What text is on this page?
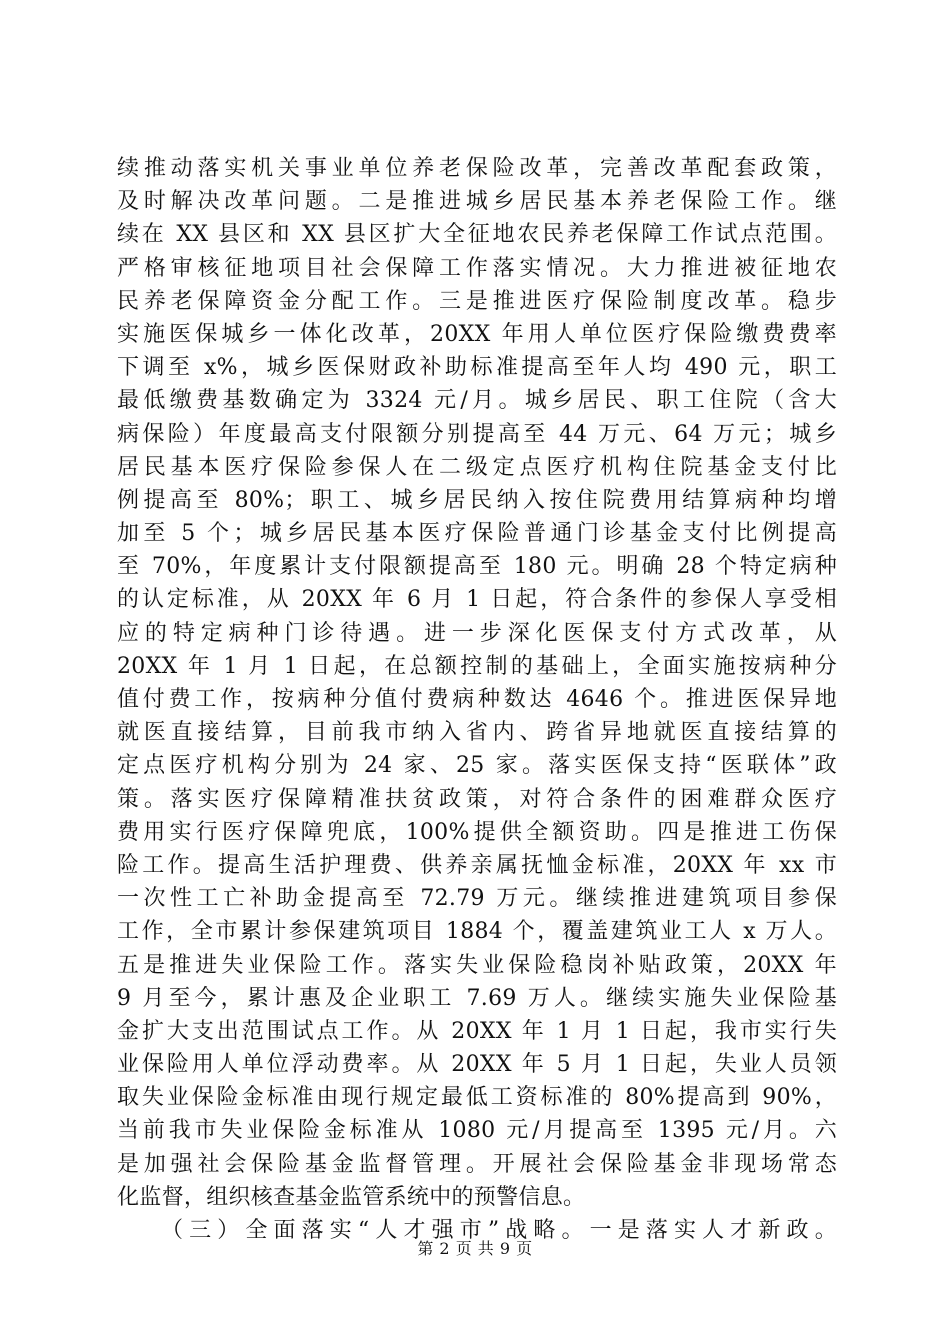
续推动落实机关事业单位养老保险改革，完善改革配套政策，
及时解决改革问题。二是推进城乡居民基本养老保险工作。继
续在 XX 县区和 XX 县区扩大全征地农民养老保障工作试点范围。
严格审核征地项目社会保障工作落实情况。大力推进被征地农
民养老保障资金分配工作。三是推进医疗保险制度改革。稳步
实施医保城乡一体化改革，20XX 年用人单位医疗保险缴费费率
下调至 x%，城乡医保财政补助标准提高至年人均 490 元，职工
最低缴费基数确定为 3324 元/月。城乡居民、职工住院（含大
病保险）年度最高支付限额分别提高至 44 万元、64 万元；城乡
居民基本医疗保险参保人在二级定点医疗机构住院基金支付比
例提高至 80%；职工、城乡居民纳入按住院费用结算病种均增
加至 5 个；城乡居民基本医疗保险普通门诊基金支付比例提高
至 70%，年度累计支付限额提高至 180 元。明确 28 个特定病种
的认定标准，从 20XX 年 6 月 1 日起，符合条件的参保人享受相
应的特定病种门诊待遇。进一步深化医保支付方式改革，从
20XX 年 1 月 1 日起，在总额控制的基础上，全面实施按病种分
值付费工作，按病种分值付费病种数达 4646 个。推进医保异地
就医直接结算，目前我市纳入省内、跨省异地就医直接结算的
定点医疗机构分别为 24 家、25 家。落实医保支持“医联体”政
策。落实医疗保障精准扶贫政策，对符合条件的困难群众医疗
费用实行医疗保障兜底，100%提供全额资助。四是推进工伤保
险工作。提高生活护理费、供养亲属抚恤金标准，20XX 年 xx 市
一次性工亡补助金提高至 72.79 万元。继续推进建筑项目参保
工作，全市累计参保建筑项目 1884 个，覆盖建筑业工人 x 万人。
五是推进失业保险工作。落实失业保险稳岗补贴政策，20XX 年
9 月至今，累计惠及企业职工 7.69 万人。继续实施失业保险基
金扩大支出范围试点工作。从 20XX 年 1 月 1 日起，我市实行失
业保险用人单位浮动费率。从 20XX 年 5 月 1 日起，失业人员领
取失业保险金标准由现行规定最低工资标准的 80%提高到 90%，
当前我市失业保险金标准从 1080 元/月提高至 1395 元/月。六
是加强社会保险基金监督管理。开展社会保险基金非现场常态
化监督，组织核查基金监管系统中的预警信息。
（三）全面落实“人才强市”战略。一是落实人才新政。
第 2 页 共 9 页
